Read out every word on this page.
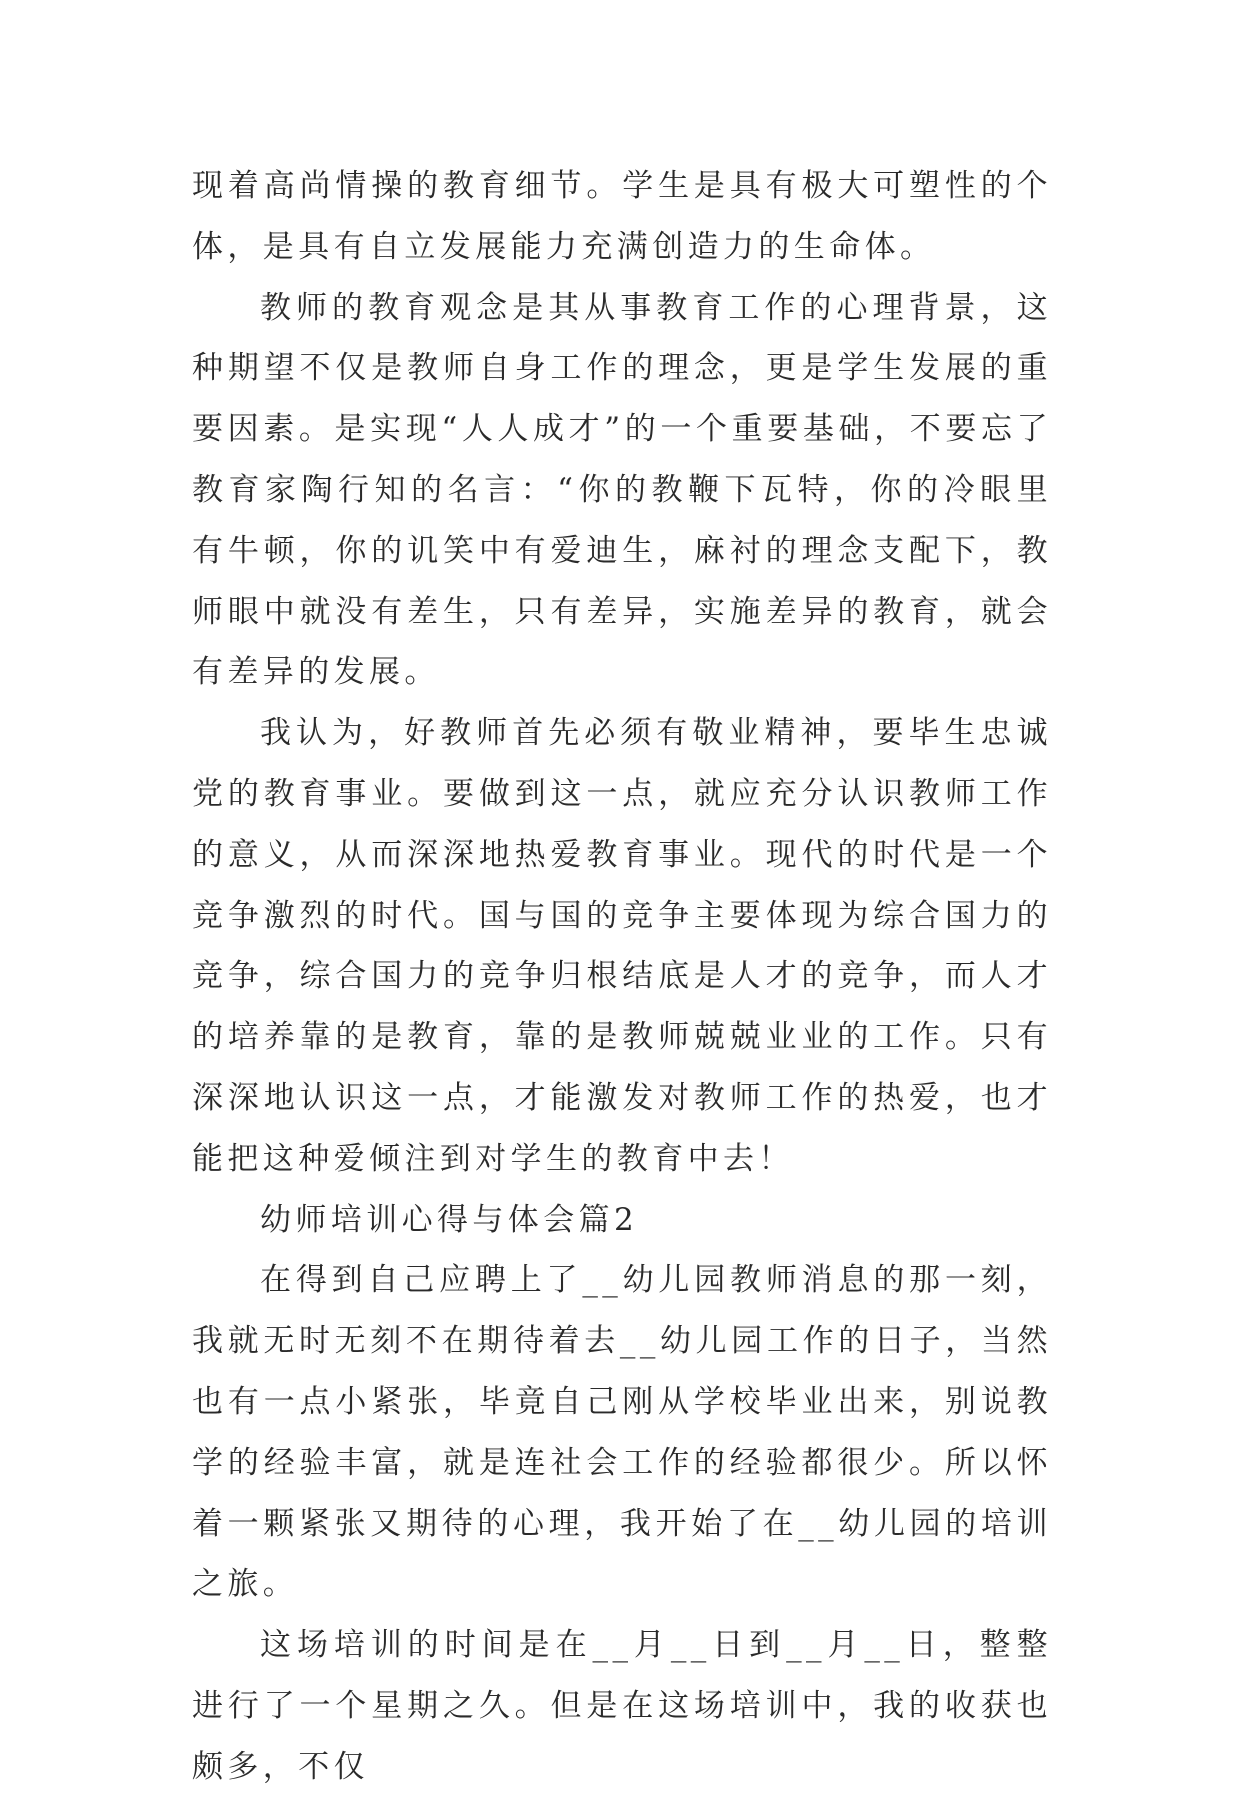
现着高尚情操的教育细节。学生是具有极大可塑性的个体，是具有自立发展能力充满创造力的生命体。

教师的教育观念是其从事教育工作的心理背景，这种期望不仅是教师自身工作的理念，更是学生发展的重要因素。是实现“人人成才”的一个重要基础，不要忘了教育家陶行知的名言：“你的教鞭下瓦特，你的冷眼里有牛顿，你的讥笑中有爱迪生，麻衬的理念支配下，教师眼中就没有差生，只有差异，实施差异的教育，就会有差异的发展。

我认为，好教师首先必须有敬业精神，要毕生忠诚党的教育事业。要做到这一点，就应充分认识教师工作的意义，从而深深地热爱教育事业。现代的时代是一个竞争激烈的时代。国与国的竞争主要体现为综合国力的竞争，综合国力的竞争归根结底是人才的竞争，而人才的培养靠的是教育，靠的是教师兢兢业业的工作。只有深深地认识这一点，才能激发对教师工作的热爱，也才能把这种爱倾注到对学生的教育中去！

幼师培训心得与体会篇2

在得到自己应聘上了__幼儿园教师消息的那一刻，我就无时无刻不在期待着去__幼儿园工作的日子，当然也有一点小紧张，毕竟自己刚从学校毕业出来，别说教学的经验丰富，就是连社会工作的经验都很少。所以怀着一颗紧张又期待的心理，我开始了在__幼儿园的培训之旅。

这场培训的时间是在__月__日到__月__日，整整进行了一个星期之久。但是在这场培训中，我的收获也颇多，不仅
